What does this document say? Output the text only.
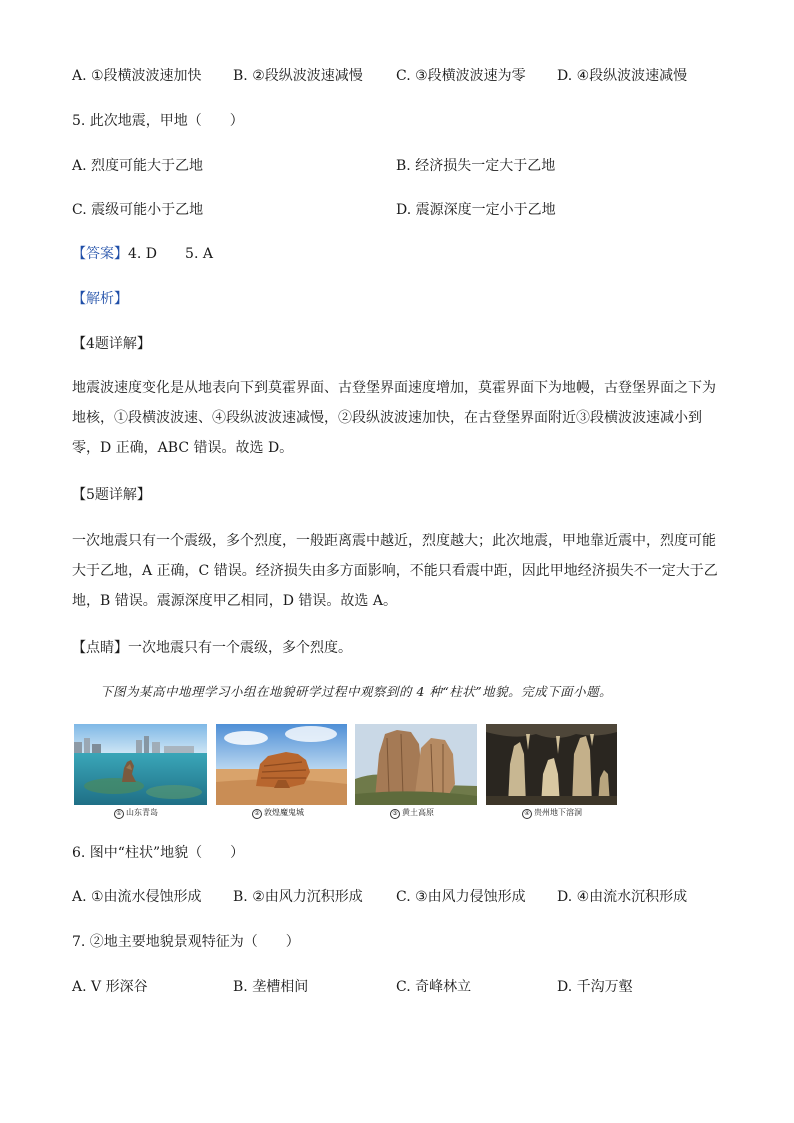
A. ①段横波波速加快 B. ②段纵波波速减慢 C. ③段横波波速为零 D. ④段纵波波速减慢
5. 此次地震，甲地（　　）
A. 烈度可能大于乙地	B. 经济损失一定大于乙地
C. 震级可能小于乙地	D. 震源深度一定小于乙地
【答案】4. D　　5. A
【解析】
【4题详解】
地震波速度变化是从地表向下到莫霍界面、古登堡界面速度增加，莫霍界面下为地幔，古登堡界面之下为
地核，①段横波波速、④段纵波波速减慢，②段纵波波速加快，在古登堡界面附近③段横波波速减小到
零，D 正确，ABC 错误。故选 D。
【5题详解】
一次地震只有一个震级，多个烈度，一般距离震中越近，烈度越大；此次地震，甲地靠近震中，烈度可能
大于乙地，A 正确，C 错误。经济损失由多方面影响，不能只看震中距，因此甲地经济损失不一定大于乙
地，B 错误。震源深度甲乙相同，D 错误。故选 A。
【点睛】一次地震只有一个震级，多个烈度。
下图为某高中地理学习小组在地貌研学过程中观察到的 4 种“柱状”地貌。完成下面小题。
① 山东青岛	② 敦煌魔鬼城	③ 黄土高原	④ 贵州地下溶洞
6. 图中“柱状”地貌（　　）
A. ①由流水侵蚀形成 B. ②由风力沉积形成 C. ③由风力侵蚀形成 D. ④由流水沉积形成
7. ②地主要地貌景观特征为（　　）
A. V 形深谷	B. 垄槽相间	C. 奇峰林立	D. 千沟万壑
